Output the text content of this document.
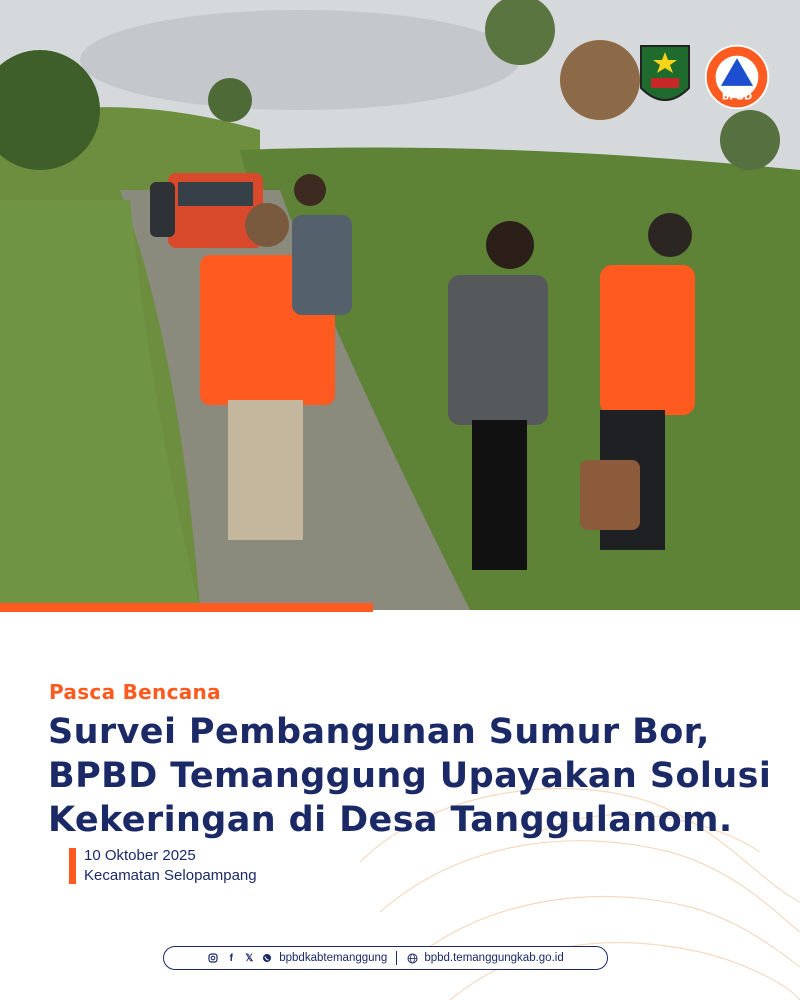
BPBD
Pasca Bencana
Survei Pembangunan Sumur Bor,
BPBD Temanggung Upayakan Solusi
Kekeringan di Desa Tanggulanom.
10 Oktober 2025
Kecamatan Selopampang
f	𝕏 bpbdkabtemanggung	bpbd.temanggungkab.go.id
